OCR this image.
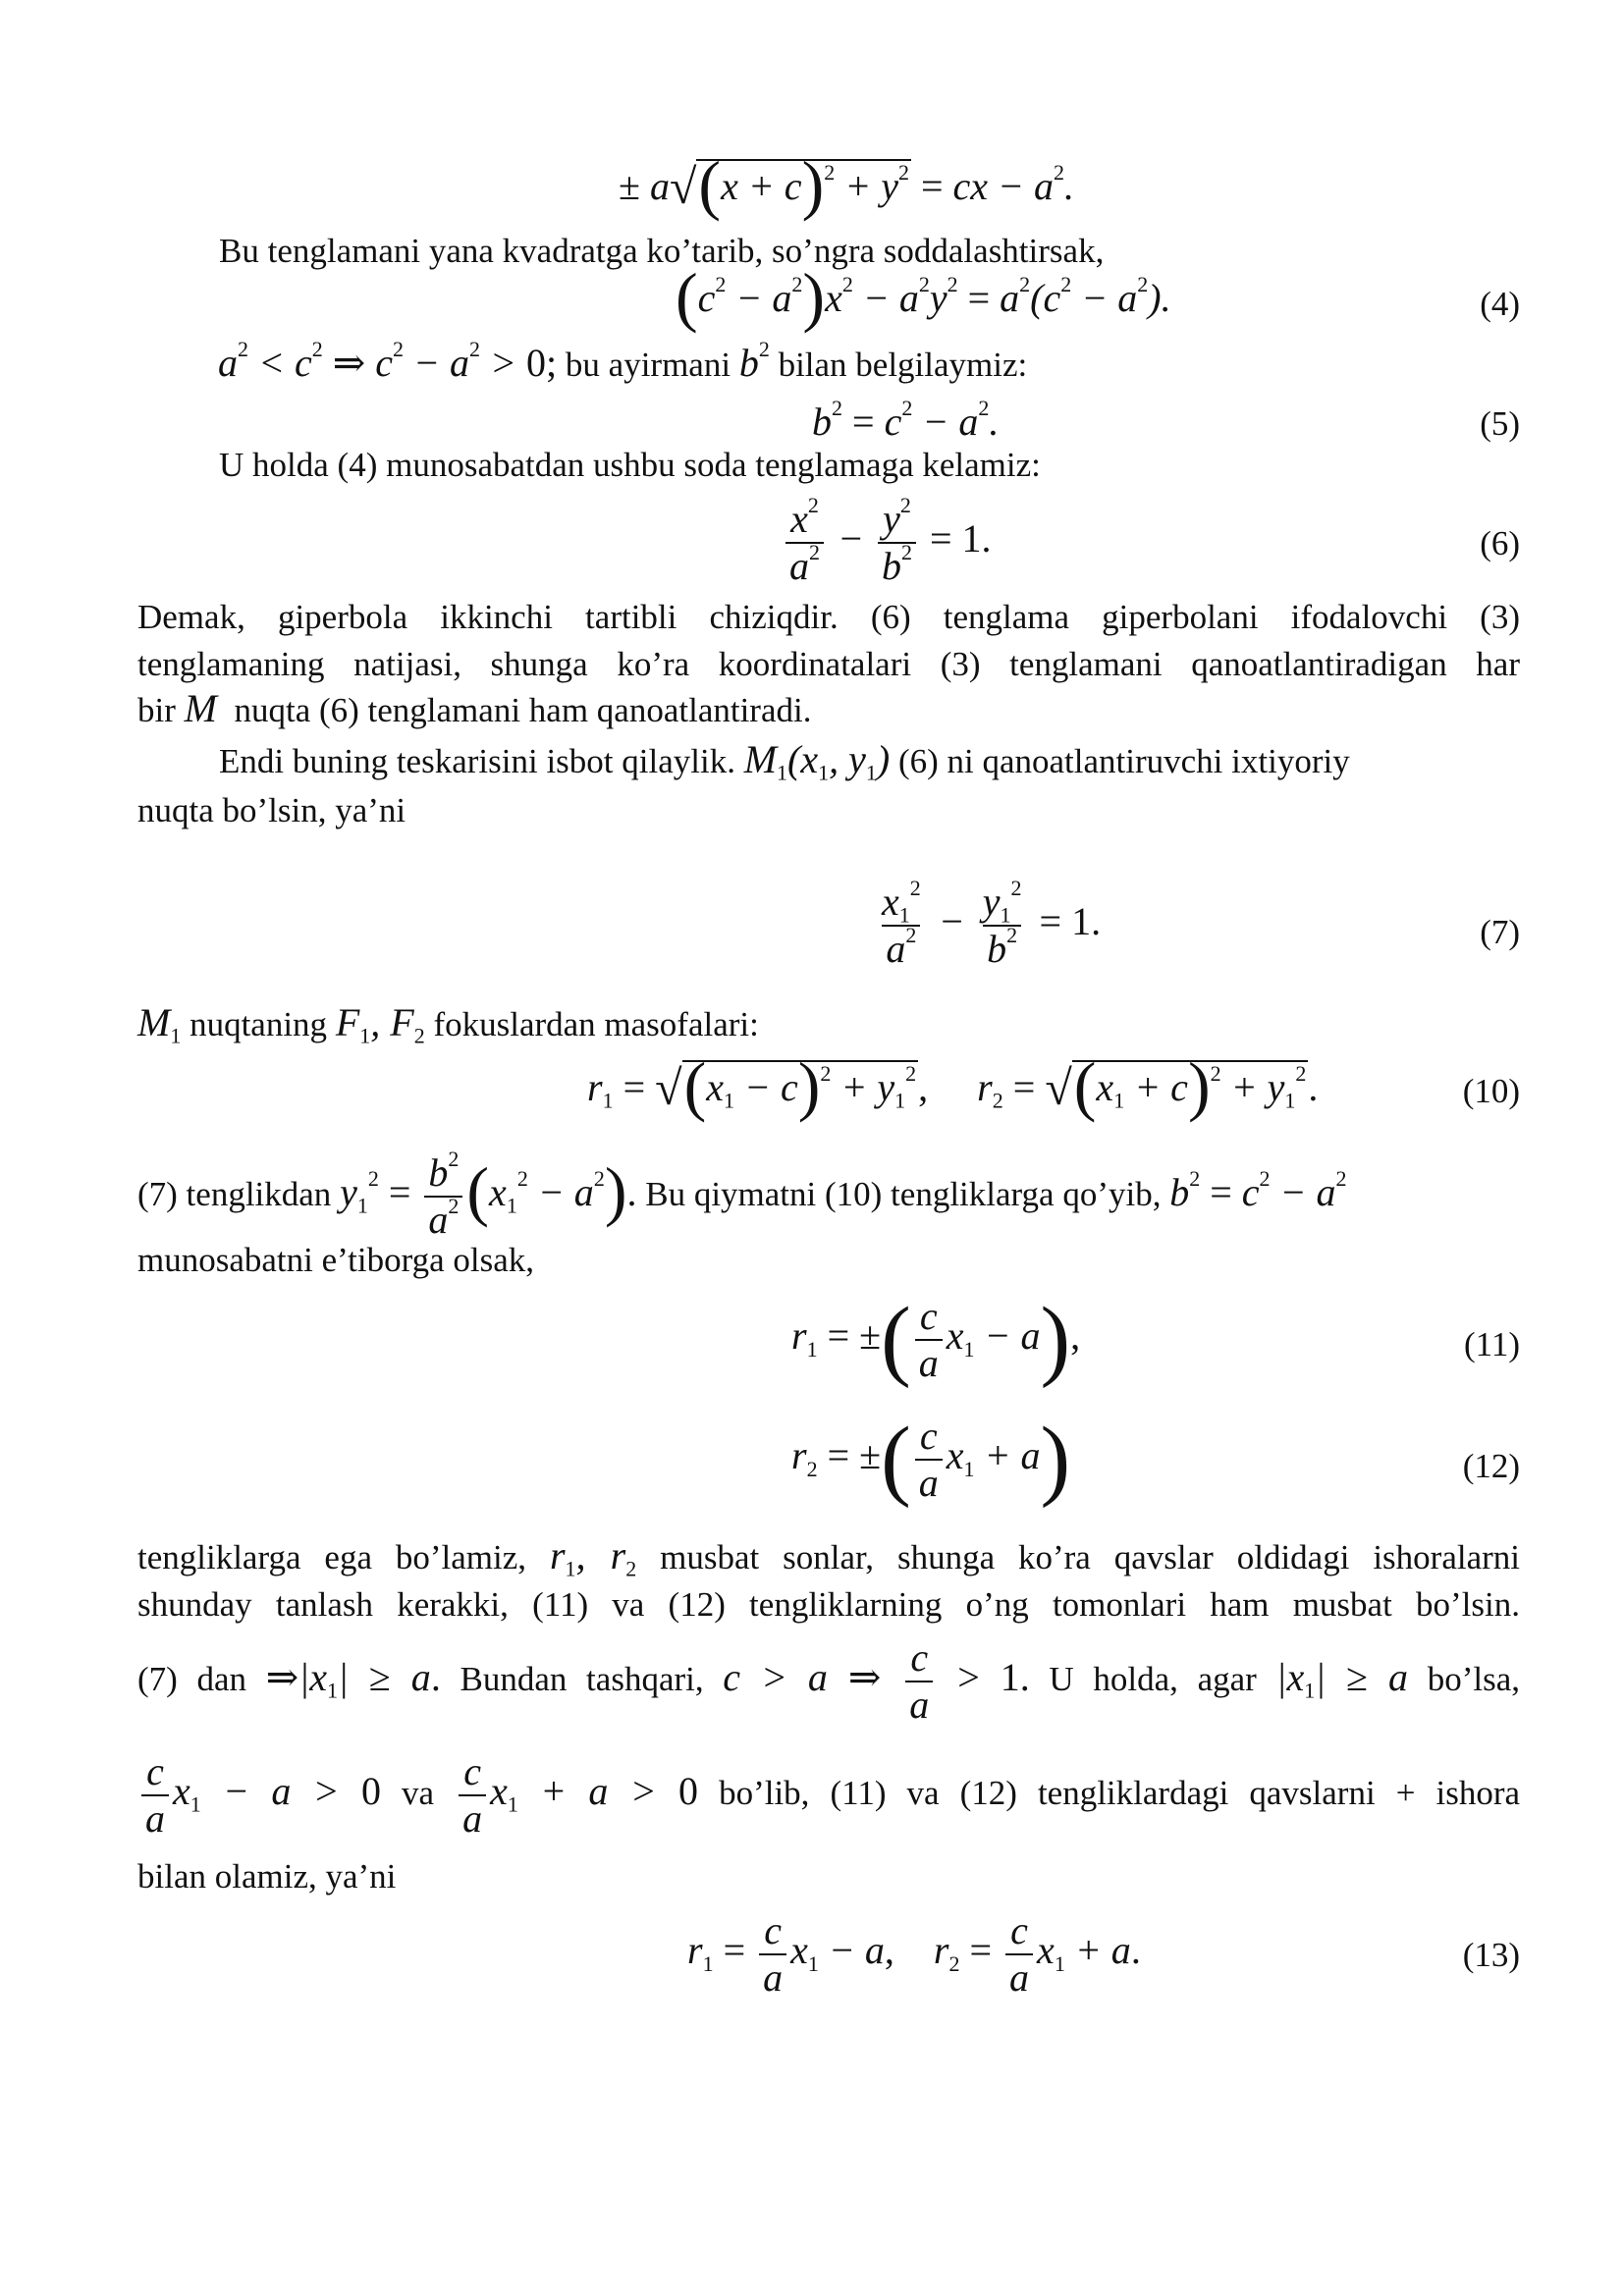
± $a√(x + c)^2 + y^2$ = cx − $a^2$.
Bu tenglamani yana kvadratga ko’tarib, so’ngra soddalashtirsak,
$(c^2 - a^2)x^2 - a^2y^2 = a^2(c^2 - a^2)$.	(4)
$a^2 < c^2$ ⇒ $c^2 - a^2 > 0$; bu ayirmani $b^2$ bilan belgilaymiz:
$b^2 = c^2 - a^2$.	(5)
U holda (4) munosabatdan ushbu soda tenglamaga kelamiz:
$\frac{x^2}{a^2} - \frac{y^2}{b^2} = 1$.	(6)
Demak, giperbola ikkinchi tartibli chiziqdir. (6) tenglama giperbolani ifodalovchi (3)
tenglamaning natijasi, shunga ko’ra koordinatalari (3) tenglamani qanoatlantiradigan har
bir M nuqta (6) tenglamani ham qanoatlantiradi.
Endi buning teskarisini isbot qilaylik. $M_1(x_1$, $y_1$) (6) ni qanoatlantiruvchi ixtiyoriy
nuqta bo’lsin, ya’ni
$\frac{x_1^2}{a^2} - \frac{y_1^2}{b^2} = 1$.	(7)
$M_1$ nuqtaning $F_1$, $F_2$ fokuslardan masofalari:
$r_1 = √(x_1 - c)^2 + y_1^2$,     $r_2 = √(x_1 + c)^2 + y_1^2$.	(10)
(7) tenglikdan $y_1^2 = \frac{b^2}{a^2} (x_1^2 - a^2)$. Bu qiymatni (10) tengliklarga qo’yib, $b^2 = c^2 - a^2$
munosabatni e’tiborga olsak,
$r_1$ = ±( $\frac{c}{a} x_1 - a$),	(11)
$r_2$ = ±( $\frac{c}{a} x_1 + a$)	(12)
tengliklarga ega bo’lamiz, $r_1$, $r_2$ musbat sonlar, shunga ko’ra qavslar oldidagi ishoralarni
shunday tanlash kerakki, (11) va (12) tengliklarning o’ng tomonlari ham musbat bo’lsin.
(7) dan $\Rightarrow|x_1| \ge a$. Bundan tashqari, c > a ⇒ $\frac{c}{a} > 1$. U holda, agar $|x_1| \ge a$ bo’lsa,
$\frac{c}{a} x_1 - a > 0$ va $\frac{c}{a} x_1 + a > 0$ bo’lib, (11) va (12) tengliklardagi qavslarni + ishora
bilan olamiz, ya’ni
$r_1 = \frac{c}{a} x_1 - a$,    $r_2 = \frac{c}{a} x_1 + a$.	(13)
